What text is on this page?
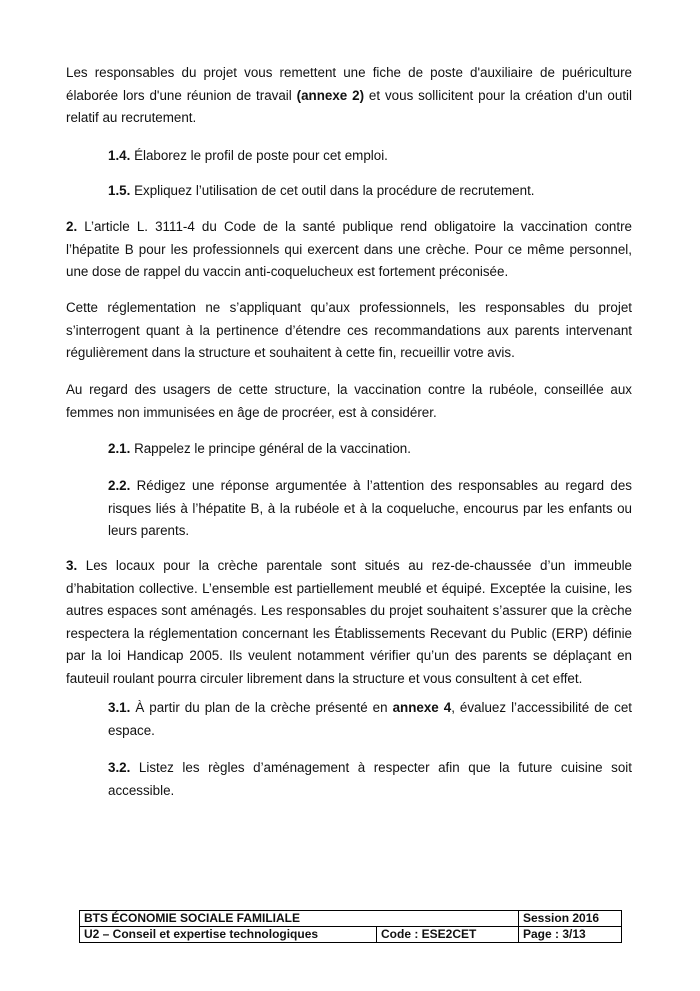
Les responsables du projet vous remettent une fiche de poste d'auxiliaire de puériculture élaborée lors d'une réunion de travail (annexe 2) et vous sollicitent pour la création d'un outil relatif au recrutement.

1.4. Élaborez le profil de poste pour cet emploi.

1.5. Expliquez l’utilisation de cet outil dans la procédure de recrutement.

2. L’article L. 3111-4 du Code de la santé publique rend obligatoire la vaccination contre l’hépatite B pour les professionnels qui exercent dans une crèche. Pour ce même personnel, une dose de rappel du vaccin anti-coquelucheux est fortement préconisée.

Cette réglementation ne s’appliquant qu’aux professionnels, les responsables du projet s’interrogent quant à la pertinence d’étendre ces recommandations aux parents intervenant régulièrement dans la structure et souhaitent à cette fin, recueillir votre avis.

Au regard des usagers de cette structure, la vaccination contre la rubéole, conseillée aux femmes non immunisées en âge de procréer, est à considérer.

2.1. Rappelez le principe général de la vaccination.

2.2. Rédigez une réponse argumentée à l’attention des responsables au regard des risques liés à l’hépatite B, à la rubéole et à la coqueluche, encourus par les enfants ou leurs parents.

3. Les locaux pour la crèche parentale sont situés au rez-de-chaussée d’un immeuble d’habitation collective. L’ensemble est partiellement meublé et équipé. Exceptée la cuisine, les autres espaces sont aménagés. Les responsables du projet souhaitent s’assurer que la crèche respectera la réglementation concernant les Établissements Recevant du Public (ERP) définie par la loi Handicap 2005. Ils veulent notamment vérifier qu’un des parents se déplaçant en fauteuil roulant pourra circuler librement dans la structure et vous consultent à cet effet.

3.1. À partir du plan de la crèche présenté en annexe 4, évaluez l’accessibilité de cet espace.

3.2. Listez les règles d’aménagement à respecter afin que la future cuisine soit accessible.

BTS ÉCONOMIE SOCIALE FAMILIALE		Session 2016
U2 – Conseil et expertise technologiques	Code : ESE2CET	Page : 3/13
